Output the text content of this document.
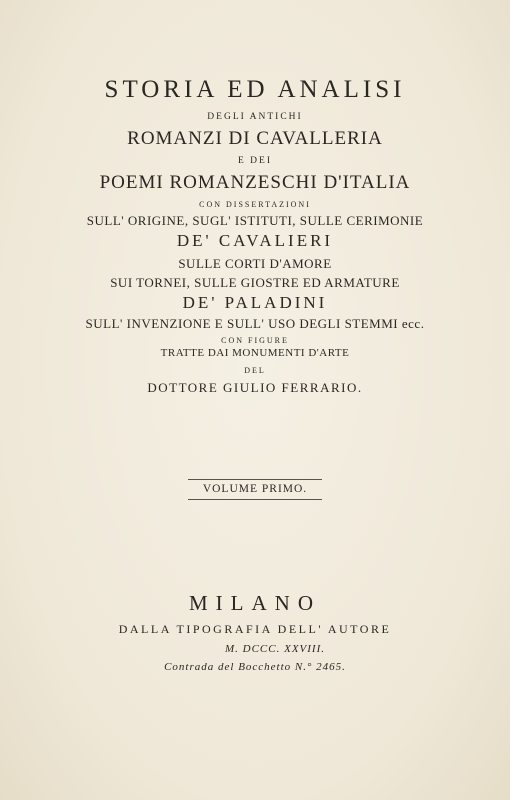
STORIA ED ANALISI
DEGLI ANTICHI
ROMANZI DI CAVALLERIA
E DEI
POEMI ROMANZESCHI D'ITALIA
CON DISSERTAZIONI
SULL' ORIGINE, SUGL' ISTITUTI, SULLE CERIMONIE
DE' CAVALIERI
SULLE CORTI D'AMORE
SUI TORNEI, SULLE GIOSTRE ED ARMATURE
DE' PALADINI
SULL' INVENZIONE E SULL' USO DEGLI STEMMI ecc.
CON FIGURE
TRATTE DAI MONUMENTI D'ARTE
DEL
DOTTORE GIULIO FERRARIO.
VOLUME PRIMO.
MILANO
DALLA TIPOGRAFIA DELL' AUTORE
M. DCCC. XXVIII.
Contrada del Bocchetto N.° 2465.
